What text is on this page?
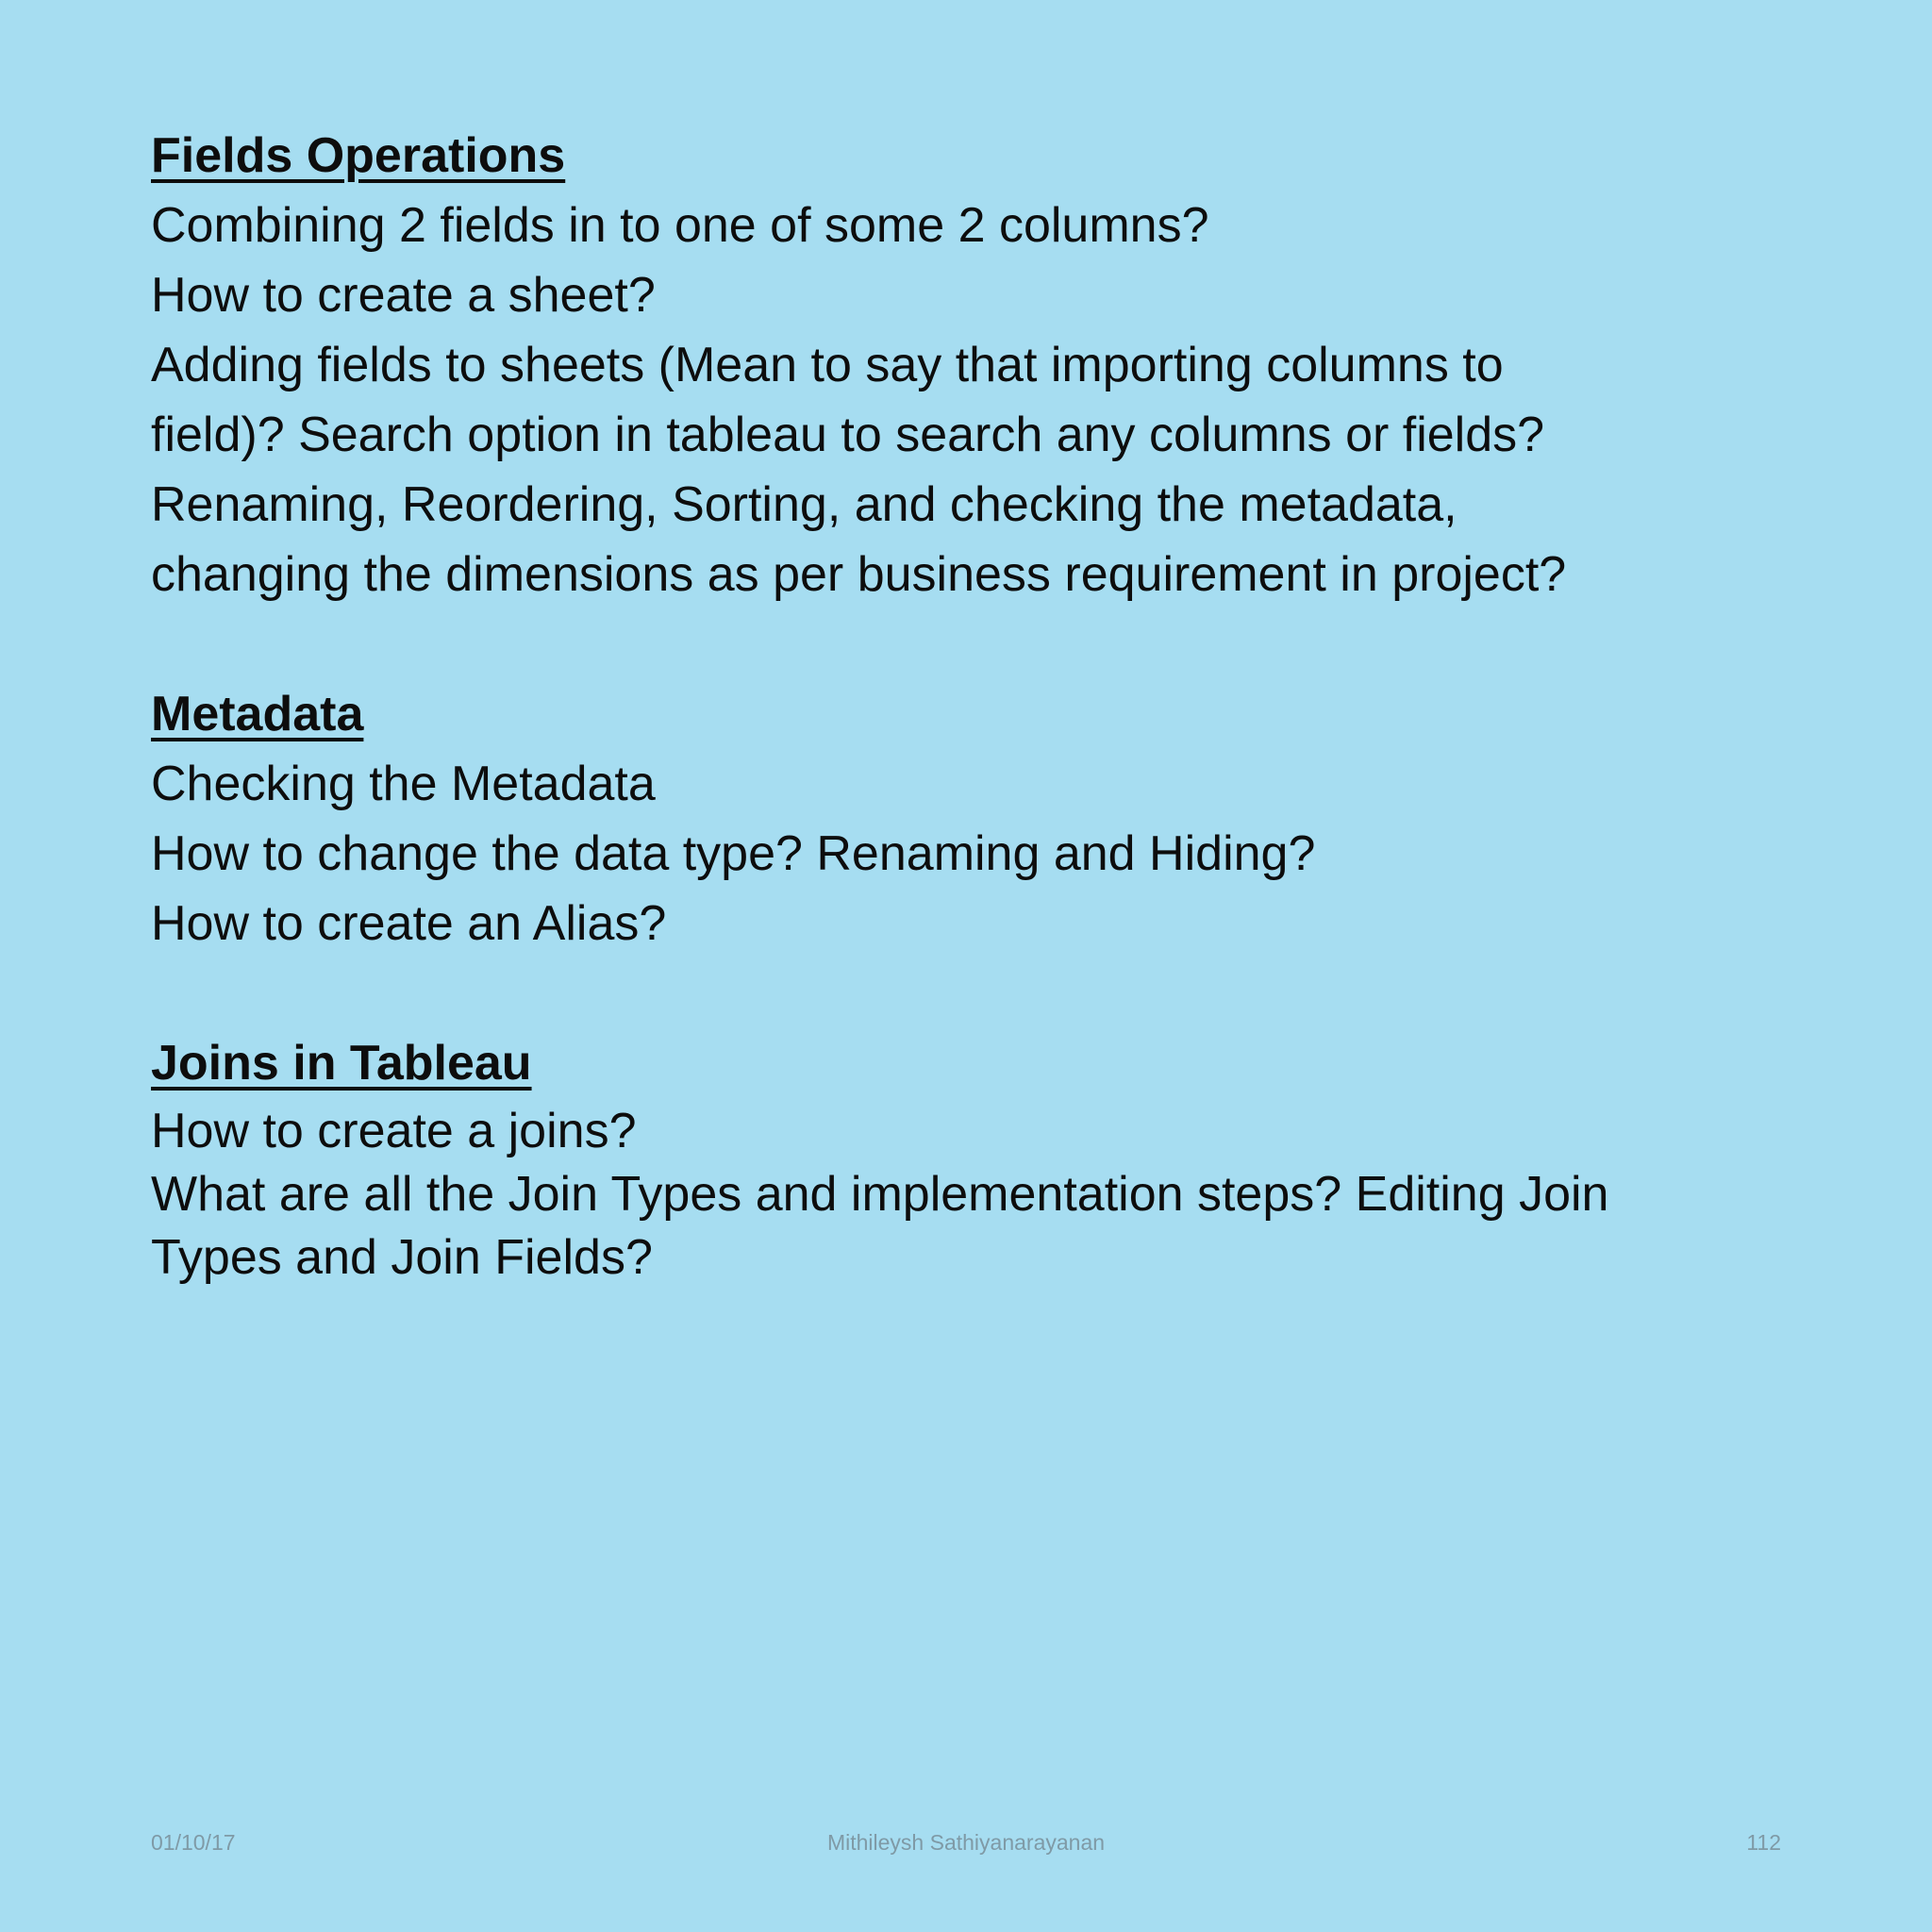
Fields Operations

Combining 2 fields in to one of some 2 columns?

How to create a sheet?

Adding fields to sheets (Mean to say that importing columns to

field)? Search option in tableau to search any columns or fields?

Renaming, Reordering, Sorting, and checking the metadata,

changing the dimensions as per business requirement in project?

Metadata

Checking the Metadata

How to change the data type? Renaming and Hiding?

How to create an Alias?

Joins in Tableau

How to create a joins?

What are all the Join Types and implementation steps? Editing Join

Types and Join Fields?

01/10/17	Mithileysh Sathiyanarayanan	112
